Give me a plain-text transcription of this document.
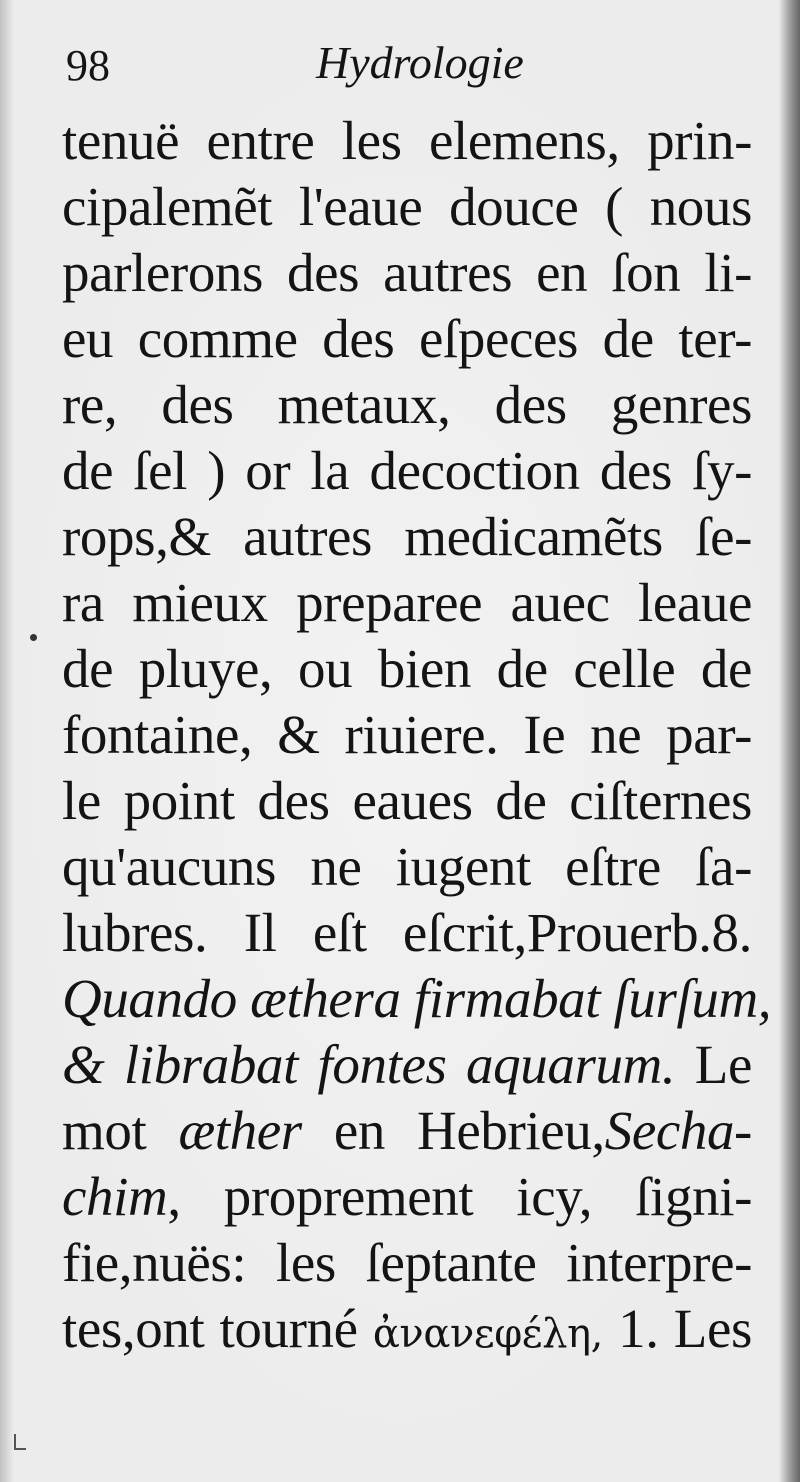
98	Hydrologie
tenuë entre les elemens, prin-
cipalemẽt l'eaue douce ( nous
parlerons des autres en ſon li-
eu comme des eſpeces de ter-
re, des metaux, des genres
de ſel ) or la decoction des ſy-
rops,& autres medicamẽts ſe-
ra mieux preparee auec leaue
de pluye, ou bien de celle de
fontaine, & riuiere. Ie ne par-
le point des eaues de ciſternes
qu'aucuns ne iugent eſtre ſa-
lubres. Il eſt eſcrit,Prouerb.8.
Quando æthera firmabat ſurſum,
& librabat fontes aquarum. Le
mot æther en Hebrieu,Secha-
chim, proprement icy, ſigni-
fie,nuës: les ſeptante interpre-
tes,ont tourné ἀνανεφέλη, 1. Les
